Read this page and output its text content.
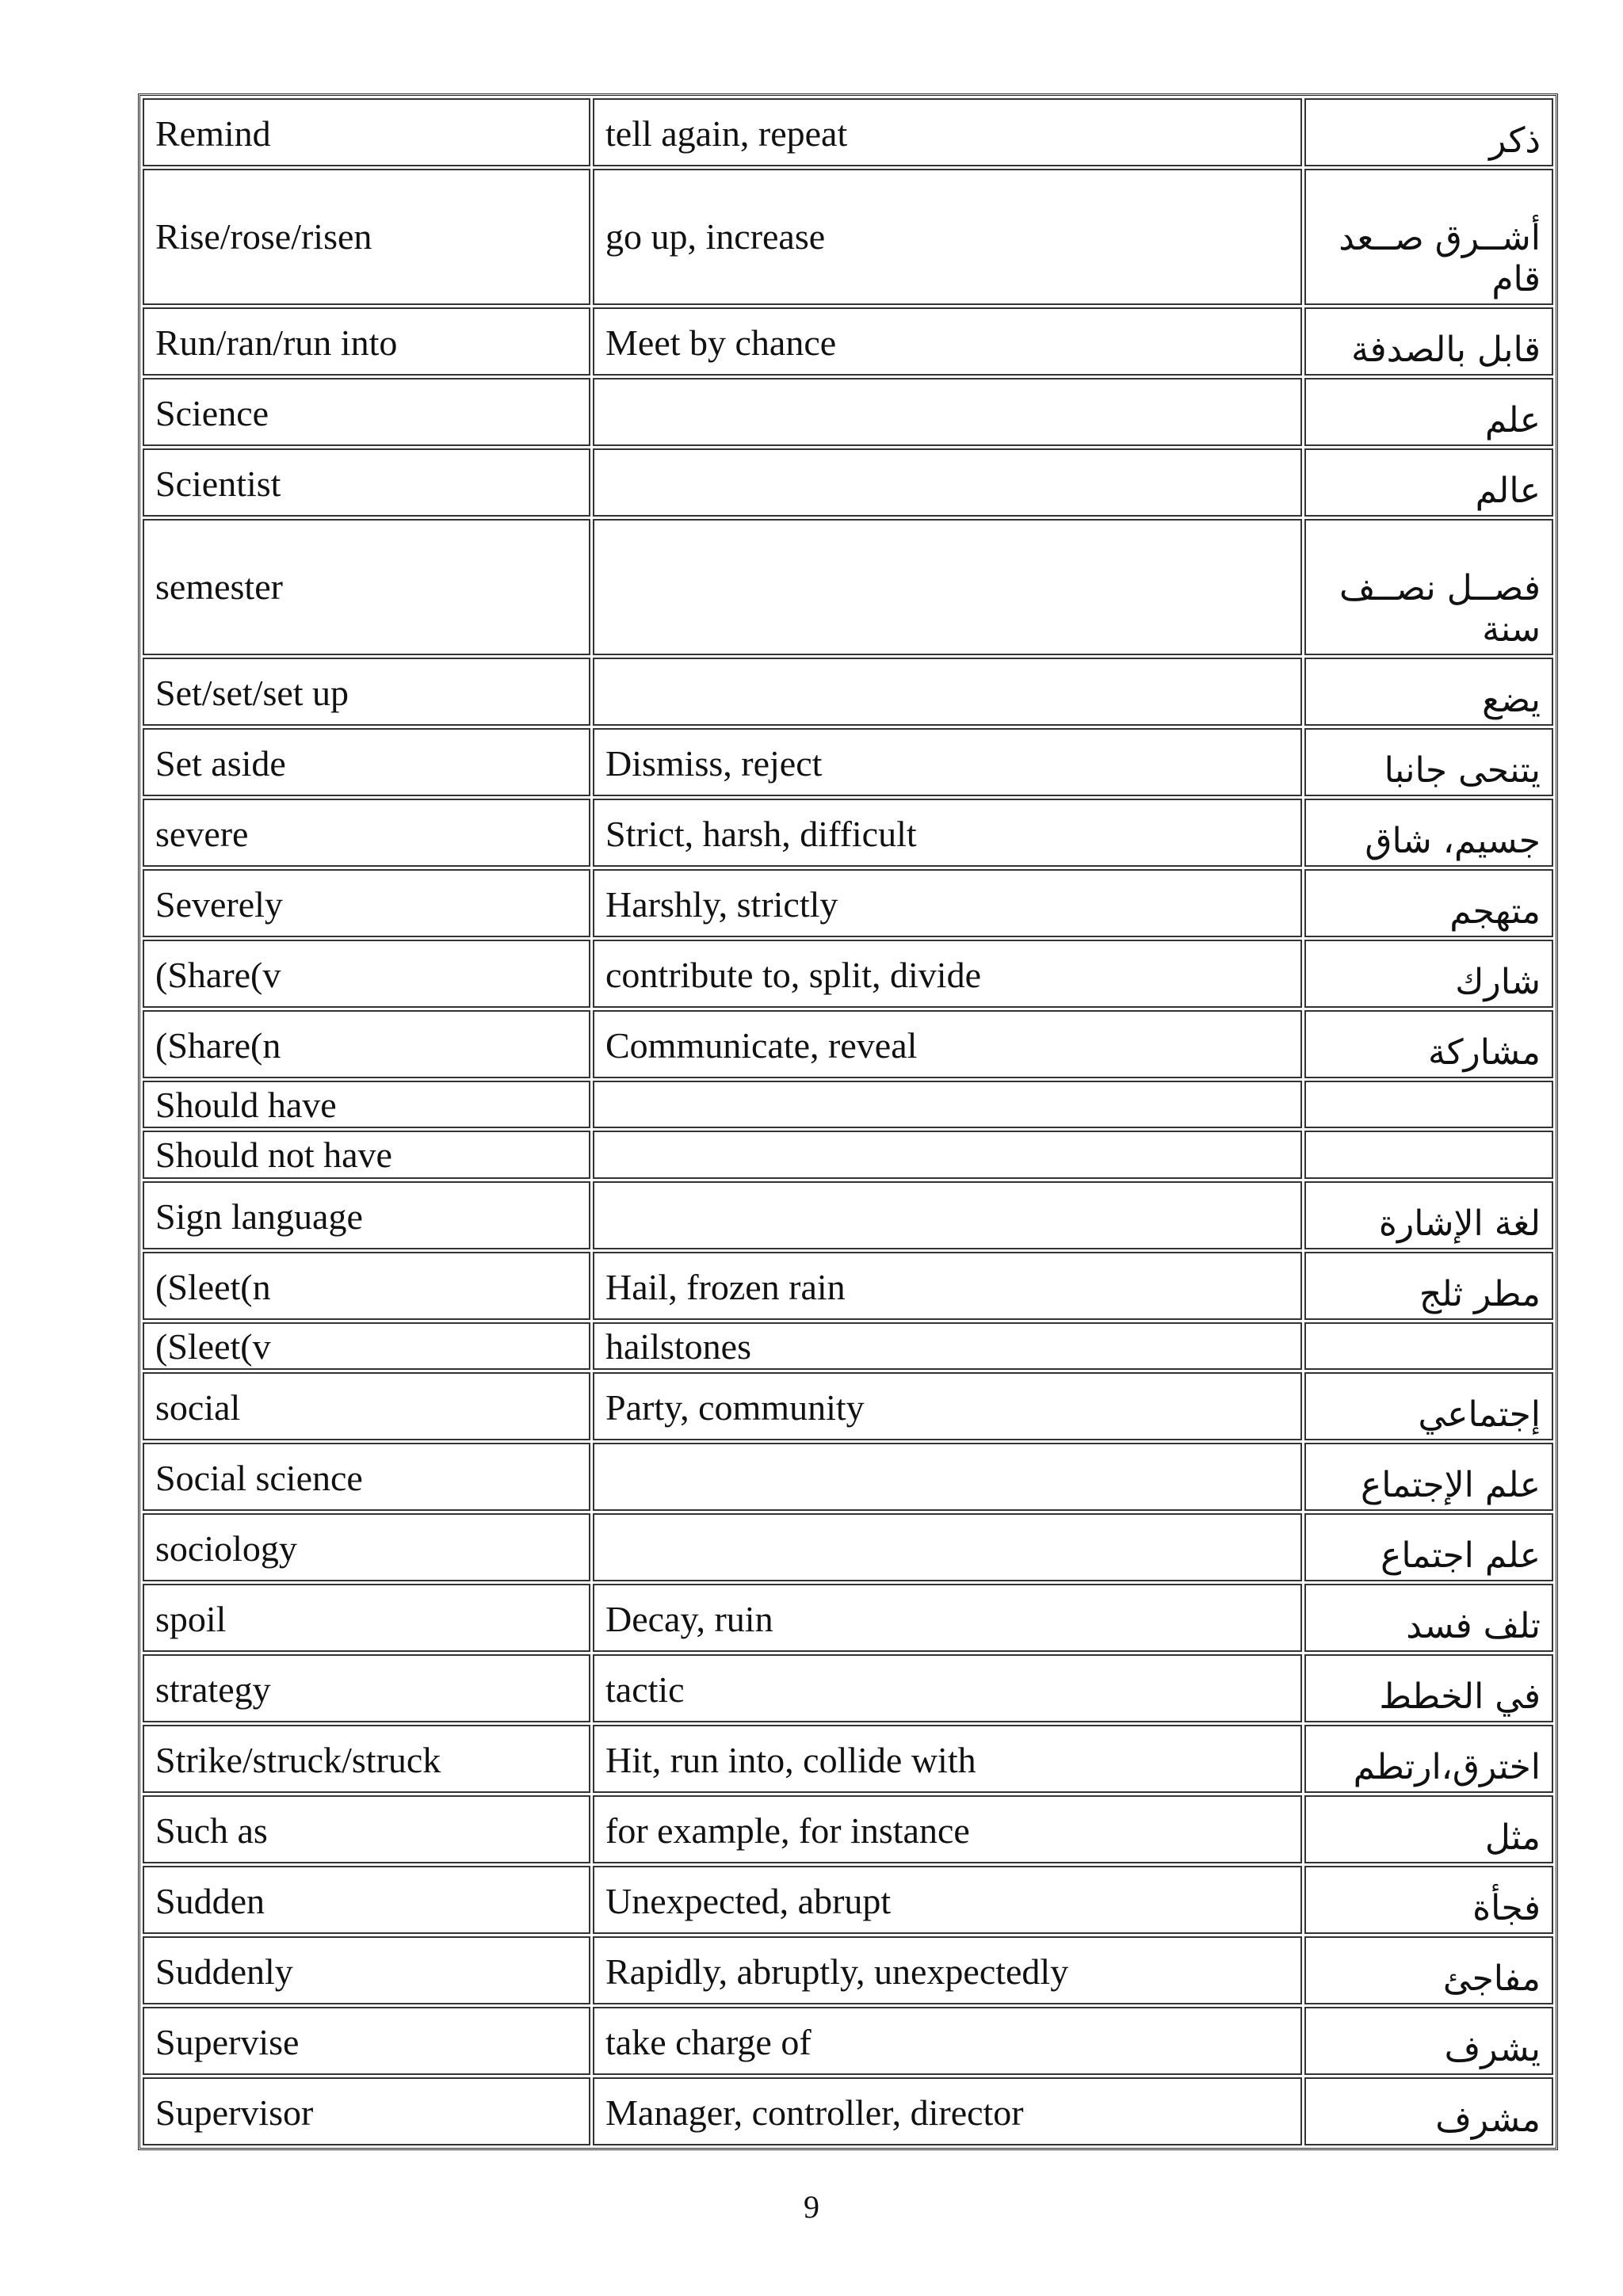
Remind	tell again, repeat	ذكر
Rise/rose/risen	go up, increase	أشــرق صــعد قام
Run/ran/run into	Meet by chance	قابل بالصدفة
Science		علم
Scientist		عالم
semester		فصــل نصــف سنة
Set/set/set up		يضع
Set aside	Dismiss, reject	يتنحى جانبا
severe	Strict, harsh, difficult	جسيم، شاق
Severely	Harshly, strictly	متهجم
(Share(v	contribute to, split, divide	شارك
(Share(n	Communicate, reveal	مشاركة
Should have		
Should not have		
Sign language		لغة الإشارة
(Sleet(n	Hail, frozen rain	مطر ثلج
(Sleet(v	hailstones	
social	Party, community	إجتماعي
Social science		علم الإجتماع
sociology		علم اجتماع
spoil	Decay, ruin	تلف فسد
strategy	tactic	في الخطط
Strike/struck/struck	Hit, run into, collide with	اخترق،ارتطم
Such as	for example, for instance	مثل
Sudden	Unexpected, abrupt	فجأة
Suddenly	Rapidly, abruptly, unexpectedly	مفاجئ
Supervise	take charge of	يشرف
Supervisor	Manager, controller, director	مشرف
9
